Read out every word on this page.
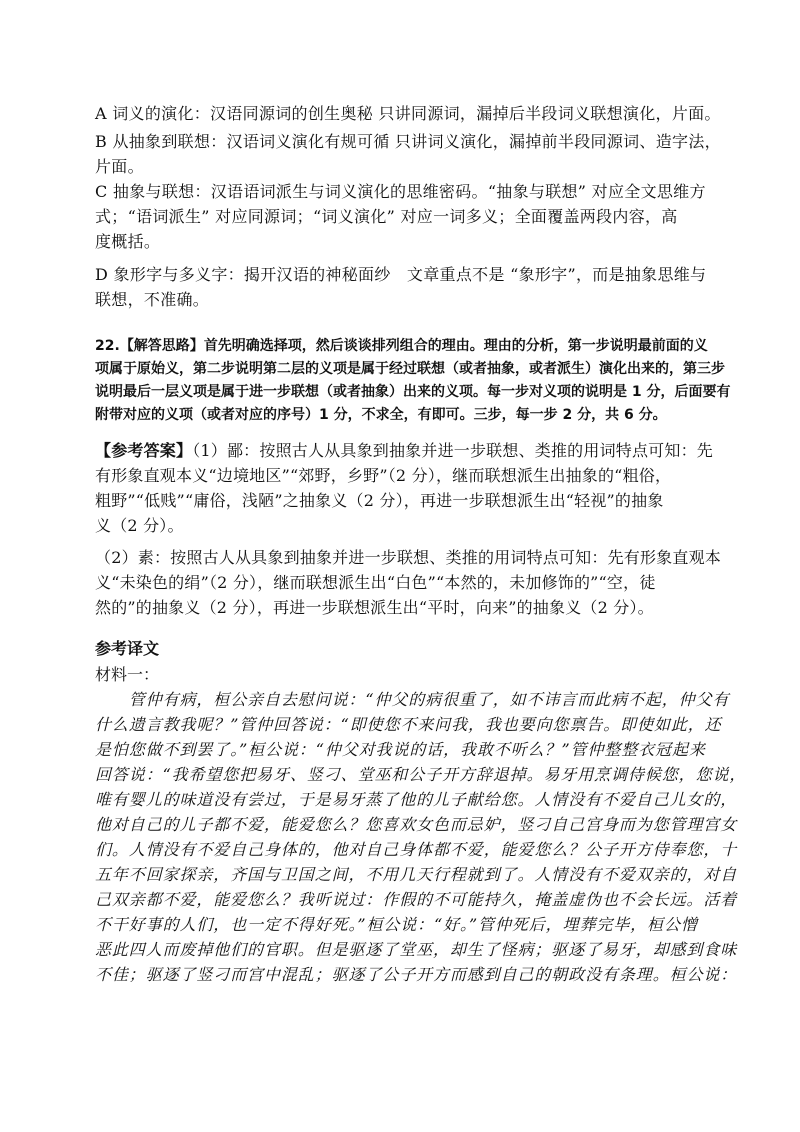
A 词义的演化：汉语同源词的创生奥秘 只讲同源词，漏掉后半段词义联想演化，片面。
B 从抽象到联想：汉语词义演化有规可循 只讲词义演化，漏掉前半段同源词、造字法，
片面。
C 抽象与联想：汉语语词派生与词义演化的思维密码。“抽象与联想” 对应全文思维方
式；“语词派生” 对应同源词；“词义演化” 对应一词多义；全面覆盖两段内容，高
度概括。
D 象形字与多义字：揭开汉语的神秘面纱　文章重点不是 “象形字”，而是抽象思维与
联想，不准确。
22.【解答思路】首先明确选择项，然后谈谈排列组合的理由。理由的分析，第一步说明最前面的义
项属于原始义，第二步说明第二层的义项是属于经过联想（或者抽象，或者派生）演化出来的，第三步
说明最后一层义项是属于进一步联想（或者抽象）出来的义项。每一步对义项的说明是 1 分，后面要有
附带对应的义项（或者对应的序号）1 分，不求全，有即可。三步，每一步 2 分，共 6 分。
【参考答案】（1）鄙：按照古人从具象到抽象并进一步联想、类推的用词特点可知：先
有形象直观本义“边境地区”“郊野，乡野”（2 分），继而联想派生出抽象的“粗俗，
粗野”“低贱”“庸俗，浅陋”之抽象义（2 分），再进一步联想派生出“轻视”的抽象
义（2 分）。
（2）素：按照古人从具象到抽象并进一步联想、类推的用词特点可知：先有形象直观本
义“未染色的绢”（2 分），继而联想派生出“白色”“本然的，未加修饰的”“空，徒
然的”的抽象义（2 分），再进一步联想派生出“平时，向来”的抽象义（2 分）。
参考译文
材料一：
　　管仲有病，桓公亲自去慰问说：“仲父的病很重了，如不讳言而此病不起，仲父有
什么遗言教我呢？”管仲回答说：“即使您不来问我，我也要向您禀告。即使如此，还
是怕您做不到罢了。”桓公说：“仲父对我说的话，我敢不听么？”管仲整整衣冠起来
回答说：“我希望您把易牙、竖刁、堂巫和公子开方辞退掉。易牙用烹调侍候您，您说，
唯有婴儿的味道没有尝过，于是易牙蒸了他的儿子献给您。人情没有不爱自己儿女的，
他对自己的儿子都不爱，能爱您么？您喜欢女色而忌妒，竖刁自己宫身而为您管理宫女
们。人情没有不爱自己身体的，他对自己身体都不爱，能爱您么？公子开方侍奉您，十
五年不回家探亲，齐国与卫国之间，不用几天行程就到了。人情没有不爱双亲的，对自
己双亲都不爱，能爱您么？我听说过：作假的不可能持久，掩盖虚伪也不会长远。活着
不干好事的人们，也一定不得好死。”桓公说：“好。”管仲死后，埋葬完毕，桓公憎
恶此四人而废掉他们的官职。但是驱逐了堂巫，却生了怪病；驱逐了易牙，却感到食味
不佳；驱逐了竖刁而宫中混乱；驱逐了公子开方而感到自己的朝政没有条理。桓公说：
